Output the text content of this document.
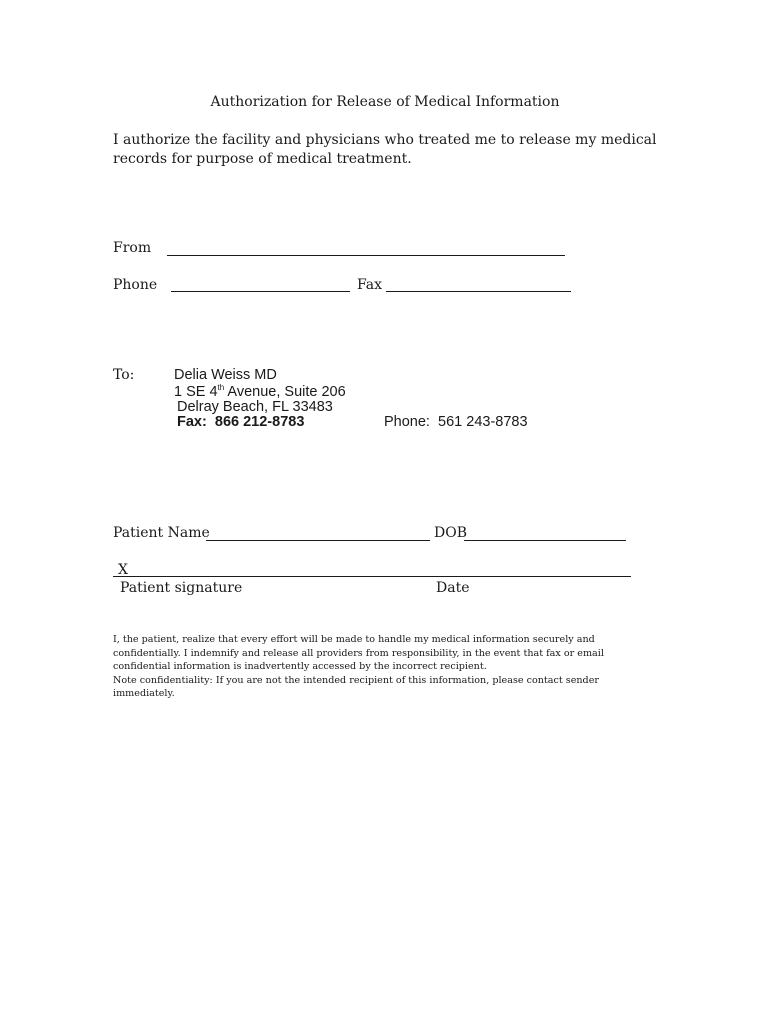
Authorization for Release of Medical Information
I authorize the facility and physicians who treated me to release my medical records for purpose of medical treatment.
From
Phone	Fax
To:	Delia Weiss MD
1 SE 4th Avenue, Suite 206
Delray Beach, FL 33483
Fax: 866 212-8783	Phone: 561 243-8783
Patient Name	DOB
X
Patient signature	Date
I, the patient, realize that every effort will be made to handle my medical information securely and
confidentially. I indemnify and release all providers from responsibility, in the event that fax or email
confidential information is inadvertently accessed by the incorrect recipient.
Note confidentiality: If you are not the intended recipient of this information, please contact sender
immediately.
